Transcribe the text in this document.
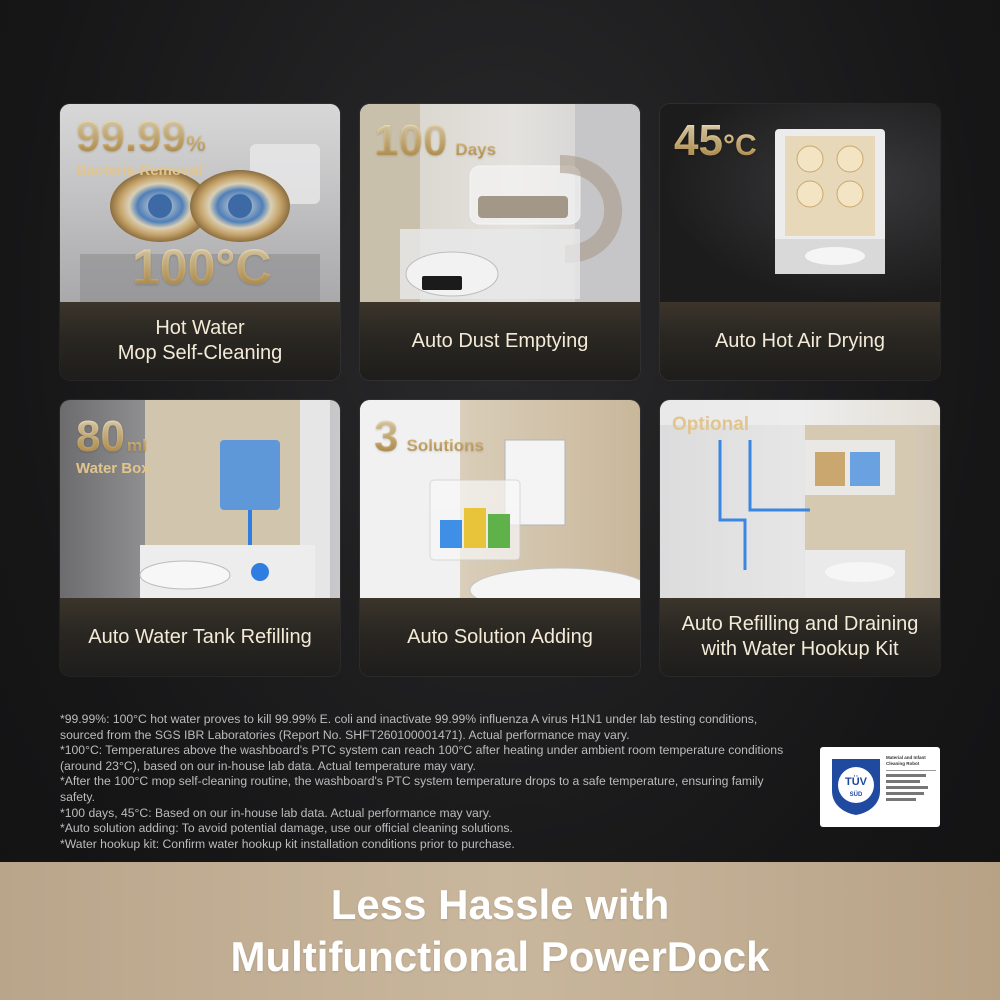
99.99%
Bacteria Removal
100°C
Hot Water
Mop Self-Cleaning
100 Days
Auto Dust Emptying
45°C
Auto Hot Air Drying
80 ml
Water Box
Auto Water Tank Refilling
3 Solutions
Auto Solution Adding
Optional
Auto Refilling and Draining
with Water Hookup Kit

*99.99%: 100°C hot water proves to kill 99.99% E. coli and inactivate 99.99% influenza A virus H1N1 under lab testing conditions, sourced from the SGS IBR Laboratories (Report No. SHFT260100001471). Actual performance may vary.

*100°C: Temperatures above the washboard's PTC system can reach 100°C after heating under ambient room temperature conditions (around 23°C), based on our in-house lab data. Actual temperature may vary.

*After the 100°C mop self-cleaning routine, the washboard's PTC system temperature drops to a safe temperature, ensuring family safety.

*100 days, 45°C: Based on our in-house lab data. Actual performance may vary.

*Auto solution adding: To avoid potential damage, use our official cleaning solutions.

*Water hookup kit: Confirm water hookup kit installation conditions prior to purchase.

TÜV
SÜD
Material and Infant Cleaning Robot
Less Hassle with
Multifunctional PowerDock
